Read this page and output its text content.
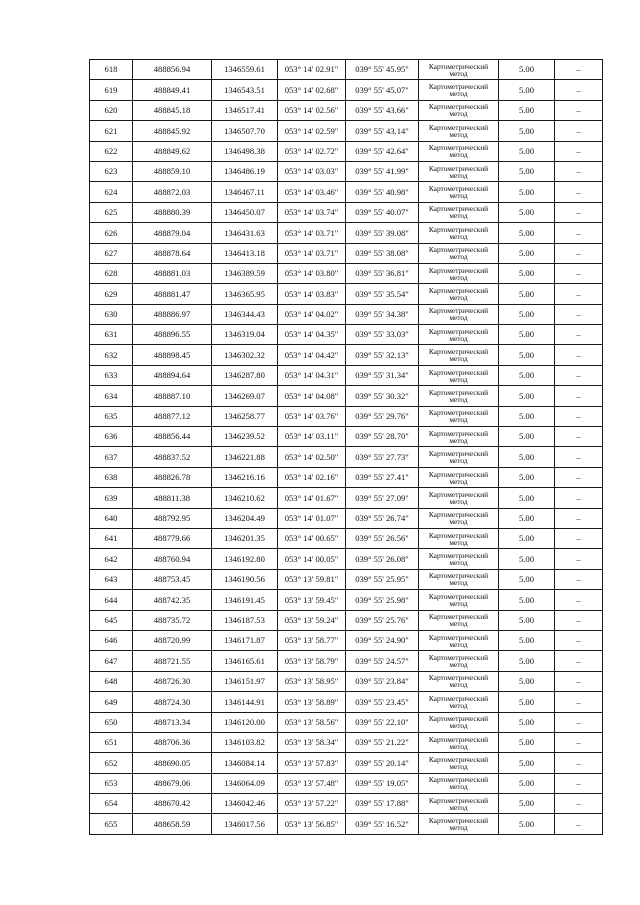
618	488856.94	1346559.61	053° 14' 02.91"	039° 55' 45.95"	Картометрический метод	5.00	–
619	488849.41	1346543.51	053° 14' 02.68"	039° 55' 45.07"	Картометрический метод	5.00	–
620	488845.18	1346517.41	053° 14' 02.56"	039° 55' 43.66"	Картометрический метод	5.00	–
621	488845.92	1346507.70	053° 14' 02.59"	039° 55' 43.14"	Картометрический метод	5.00	–
622	488849.62	1346498.38	053° 14' 02.72"	039° 55' 42.64"	Картометрический метод	5.00	–
623	488859.10	1346486.19	053° 14' 03.03"	039° 55' 41.99"	Картометрический метод	5.00	–
624	488872.03	1346467.11	053° 14' 03.46"	039° 55' 40.98"	Картометрический метод	5.00	–
625	488880.39	1346450.07	053° 14' 03.74"	039° 55' 40.07"	Картометрический метод	5.00	–
626	488879.04	1346431.63	053° 14' 03.71"	039° 55' 39.08"	Картометрический метод	5.00	–
627	488878.64	1346413.18	053° 14' 03.71"	039° 55' 38.08"	Картометрический метод	5.00	–
628	488881.03	1346389.59	053° 14' 03.80"	039° 55' 36.81"	Картометрический метод	5.00	–
629	488881.47	1346365.95	053° 14' 03.83"	039° 55' 35.54"	Картометрический метод	5.00	–
630	488886.97	1346344.43	053° 14' 04.02"	039° 55' 34.38"	Картометрический метод	5.00	–
631	488896.55	1346319.04	053° 14' 04.35"	039° 55' 33.03"	Картометрический метод	5.00	–
632	488898.45	1346302.32	053° 14' 04.42"	039° 55' 32.13"	Картометрический метод	5.00	–
633	488894.64	1346287.80	053° 14' 04.31"	039° 55' 31.34"	Картометрический метод	5.00	–
634	488887.10	1346269.07	053° 14' 04.08"	039° 55' 30.32"	Картометрический метод	5.00	–
635	488877.12	1346258.77	053° 14' 03.76"	039° 55' 29.76"	Картометрический метод	5.00	–
636	488856.44	1346239.52	053° 14' 03.11"	039° 55' 28.70"	Картометрический метод	5.00	–
637	488837.52	1346221.88	053° 14' 02.50"	039° 55' 27.73"	Картометрический метод	5.00	–
638	488826.78	1346216.16	053° 14' 02.16"	039° 55' 27.41"	Картометрический метод	5.00	–
639	488811.38	1346210.62	053° 14' 01.67"	039° 55' 27.09"	Картометрический метод	5.00	–
640	488792.95	1346204.49	053° 14' 01.07"	039° 55' 26.74"	Картометрический метод	5.00	–
641	488779.66	1346201.35	053° 14' 00.65"	039° 55' 26.56"	Картометрический метод	5.00	–
642	488760.94	1346192.80	053° 14' 00.05"	039° 55' 26.08"	Картометрический метод	5.00	–
643	488753.45	1346190.56	053° 13' 59.81"	039° 55' 25.95"	Картометрический метод	5.00	–
644	488742.35	1346191.45	053° 13' 59.45"	039° 55' 25.98"	Картометрический метод	5.00	–
645	488735.72	1346187.53	053° 13' 59.24"	039° 55' 25.76"	Картометрический метод	5.00	–
646	488720.99	1346171.87	053° 13' 58.77"	039° 55' 24.90"	Картометрический метод	5.00	–
647	488721.55	1346165.61	053° 13' 58.79"	039° 55' 24.57"	Картометрический метод	5.00	–
648	488726.30	1346151.97	053° 13' 58.95"	039° 55' 23.84"	Картометрический метод	5.00	–
649	488724.30	1346144.91	053° 13' 58.89"	039° 55' 23.45"	Картометрический метод	5.00	–
650	488713.34	1346120.00	053° 13' 58.56"	039° 55' 22.10"	Картометрический метод	5.00	–
651	488706.36	1346103.82	053° 13' 58.34"	039° 55' 21.22"	Картометрический метод	5.00	–
652	488690.05	1346084.14	053° 13' 57.83"	039° 55' 20.14"	Картометрический метод	5.00	–
653	488679.06	1346064.09	053° 13' 57.48"	039° 55' 19.05"	Картометрический метод	5.00	–
654	488670.42	1346042.46	053° 13' 57.22"	039° 55' 17.88"	Картометрический метод	5.00	–
655	488658.59	1346017.56	053° 13' 56.85"	039° 55' 16.52"	Картометрический метод	5.00	–
